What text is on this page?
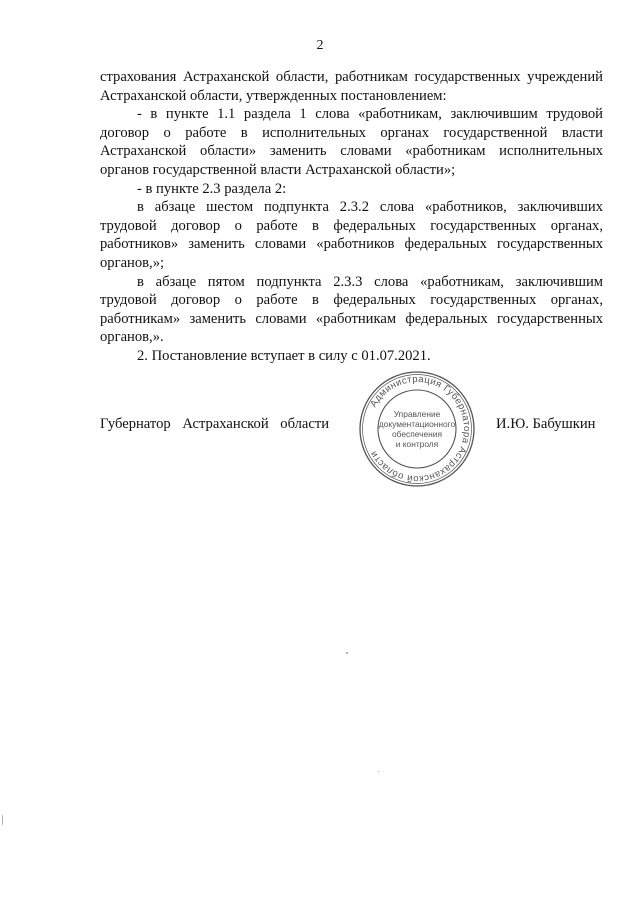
2

страхования Астраханской области, работникам государственных учреждений Астраханской области, утвержденных постановлением:

- в пункте 1.1 раздела 1 слова «работникам, заключившим трудовой договор о работе в исполнительных органах государственной власти Астраханской области» заменить словами «работникам исполнительных органов государственной власти Астраханской области»;

- в пункте 2.3 раздела 2:

в абзаце шестом подпункта 2.3.2 слова «работников, заключивших трудовой договор о работе в федеральных государственных органах, работников» заменить словами «работников федеральных государственных органов,»;

в абзаце пятом подпункта 2.3.3 слова «работникам, заключившим трудовой договор о работе в федеральных государственных органах, работникам» заменить словами «работникам федеральных государственных органов,».

2. Постановление вступает в силу с 01.07.2021.

Губернатор Астраханской области	И.Ю. Бабушкин
Администрация Губернатора Астраханской области
Управление
документационного
обеспечения
и контроля
